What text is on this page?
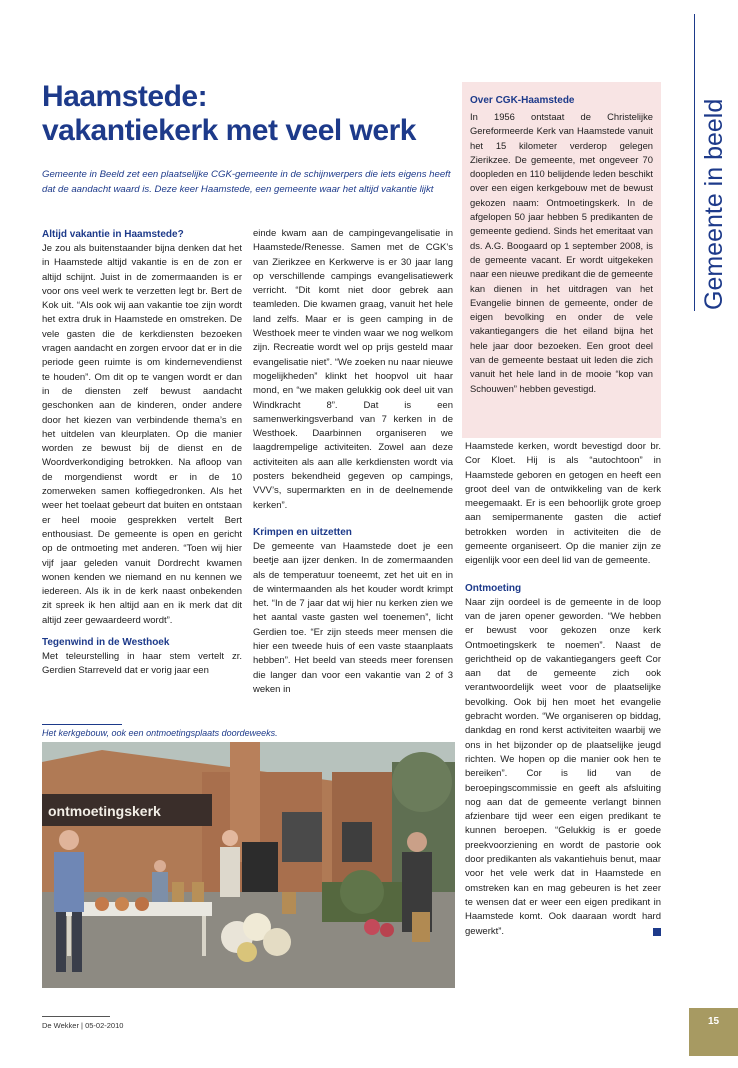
Gemeente in beeld
Haamstede:
vakantiekerk met veel werk
Gemeente in Beeld zet een plaatselijke CGK-gemeente in de schijnwerpers die iets eigens heeft dat de aandacht waard is. Deze keer Haamstede, een gemeente waar het altijd vakantie lijkt
Altijd vakantie in Haamstede?

Je zou als buitenstaander bijna denken dat het in Haamstede altijd vakantie is en de zon er altijd schijnt. Juist in de zomermaanden is er voor ons veel werk te verzetten legt br. Bert de Kok uit. “Als ook wij aan vakantie toe zijn wordt het extra druk in Haamstede en omstreken. De vele gasten die de kerkdiensten bezoeken vragen aandacht en zorgen ervoor dat er in die periode geen ruimte is om kindernevendienst te houden”. Om dit op te vangen wordt er dan in de diensten zelf bewust aandacht geschonken aan de kinderen, onder andere door het kiezen van verbindende thema’s en het uitdelen van kleurplaten. Op die manier worden ze bewust bij de dienst en de Woordverkondiging betrokken. Na afloop van de morgendienst wordt er in de 10 zomerweken samen koffiegedronken. Als het weer het toelaat gebeurt dat buiten en ontstaan er heel mooie gesprekken vertelt Bert enthousiast. De gemeente is open en gericht op de ontmoeting met anderen. “Toen wij hier vijf jaar geleden vanuit Dordrecht kwamen wonen kenden we niemand en nu kennen we iedereen. Als ik in de kerk naast onbekenden zit spreek ik hen altijd aan en ik merk dat dit altijd zeer gewaardeerd wordt”.

Tegenwind in de Westhoek

Met teleurstelling in haar stem vertelt zr. Gerdien Starreveld dat er vorig jaar een

einde kwam aan de campingevangelisatie in Haamstede/Renesse. Samen met de CGK’s van Zierikzee en Kerkwerve is er 30 jaar lang op verschillende campings evangelisatiewerk verricht. “Dit komt niet door gebrek aan teamleden. Die kwamen graag, vanuit het hele land zelfs. Maar er is geen camping in de Westhoek meer te vinden waar we nog welkom zijn. Recreatie wordt wel op prijs gesteld maar evangelisatie niet”. “We zoeken nu naar nieuwe mogelijkheden” klinkt het hoopvol uit haar mond, en “we maken gelukkig ook deel uit van Windkracht 8”. Dat is een samenwerkingsverband van 7 kerken in de Westhoek. Daarbinnen organiseren we laagdrempelige activiteiten. Zowel aan deze activiteiten als aan alle kerkdiensten wordt via posters bekendheid gegeven op campings, VVV’s, supermarkten en in de deelnemende kerken”.

Krimpen en uitzetten

De gemeente van Haamstede doet je een beetje aan ijzer denken. In de zomermaanden als de temperatuur toeneemt, zet het uit en in de wintermaanden als het kouder wordt krimpt het. “In de 7 jaar dat wij hier nu kerken zien we het aantal vaste gasten wel toenemen”, licht Gerdien toe. “Er zijn steeds meer mensen die hier een tweede huis of een vaste staanplaats hebben”. Het beeld van steeds meer forensen die langer dan voor een vakantie van 2 of 3 weken in

Over CGK-Haamstede

In 1956 ontstaat de Christelijke Gereformeerde Kerk van Haamstede vanuit het 15 kilometer verderop gelegen Zierikzee. De gemeente, met ongeveer 70 doopleden en 110 belijdende leden beschikt over een eigen kerkgebouw met de bewust gekozen naam: Ontmoetingskerk. In de afgelopen 50 jaar hebben 5 predikanten de gemeente gediend. Sinds het emeritaat van ds. A.G. Boogaard op 1 september 2008, is de gemeente vacant. Er wordt uitgekeken naar een nieuwe predikant die de gemeente kan dienen in het uitdragen van het Evangelie binnen de gemeente, onder de eigen bevolking en onder de vele vakantiegangers die het eiland bijna het hele jaar door bezoeken. Een groot deel van de gemeente bestaat uit leden die zich vanuit het hele land in de mooie “kop van Schouwen” hebben gevestigd.

Haamstede kerken, wordt bevestigd door br. Cor Kloet. Hij is als “autochtoon” in Haamstede geboren en getogen en heeft een groot deel van de ontwikkeling van de kerk meegemaakt. Er is een behoorlijk grote groep aan semipermanente gasten die actief betrokken worden in activiteiten die de gemeente organiseert. Op die manier zijn ze eigenlijk voor een deel lid van de gemeente.

Ontmoeting

Naar zijn oordeel is de gemeente in de loop van de jaren opener geworden. “We hebben er bewust voor gekozen onze kerk Ontmoetingskerk te noemen”. Naast de gerichtheid op de vakantiegangers geeft Cor aan dat de gemeente zich ook verantwoordelijk weet voor de plaatselijke bevolking. Ook bij hen moet het evangelie gebracht worden. “We organiseren op biddag, dankdag en rond kerst activiteiten waarbij we ons in het bijzonder op de plaatselijke jeugd richten. We hopen op die manier ook hen te bereiken”. Cor is lid van de beroepingscommissie en geeft als afsluiting nog aan dat de gemeente verlangt binnen afzienbare tijd weer een eigen predikant te kunnen beroepen. “Gelukkig is er goede preekvoorziening en wordt de pastorie ook door predikanten als vakantiehuis benut, maar voor het vele werk dat in Haamstede en omstreken kan en mag gebeuren is het zeer te wensen dat er weer een eigen predikant in Haamstede komt. Ook daaraan wordt hard gewerkt”.

Het kerkgebouw, ook een ontmoetingsplaats doordeweeks.
ontmoetingskerk
De Wekker | 05-02-2010	15
